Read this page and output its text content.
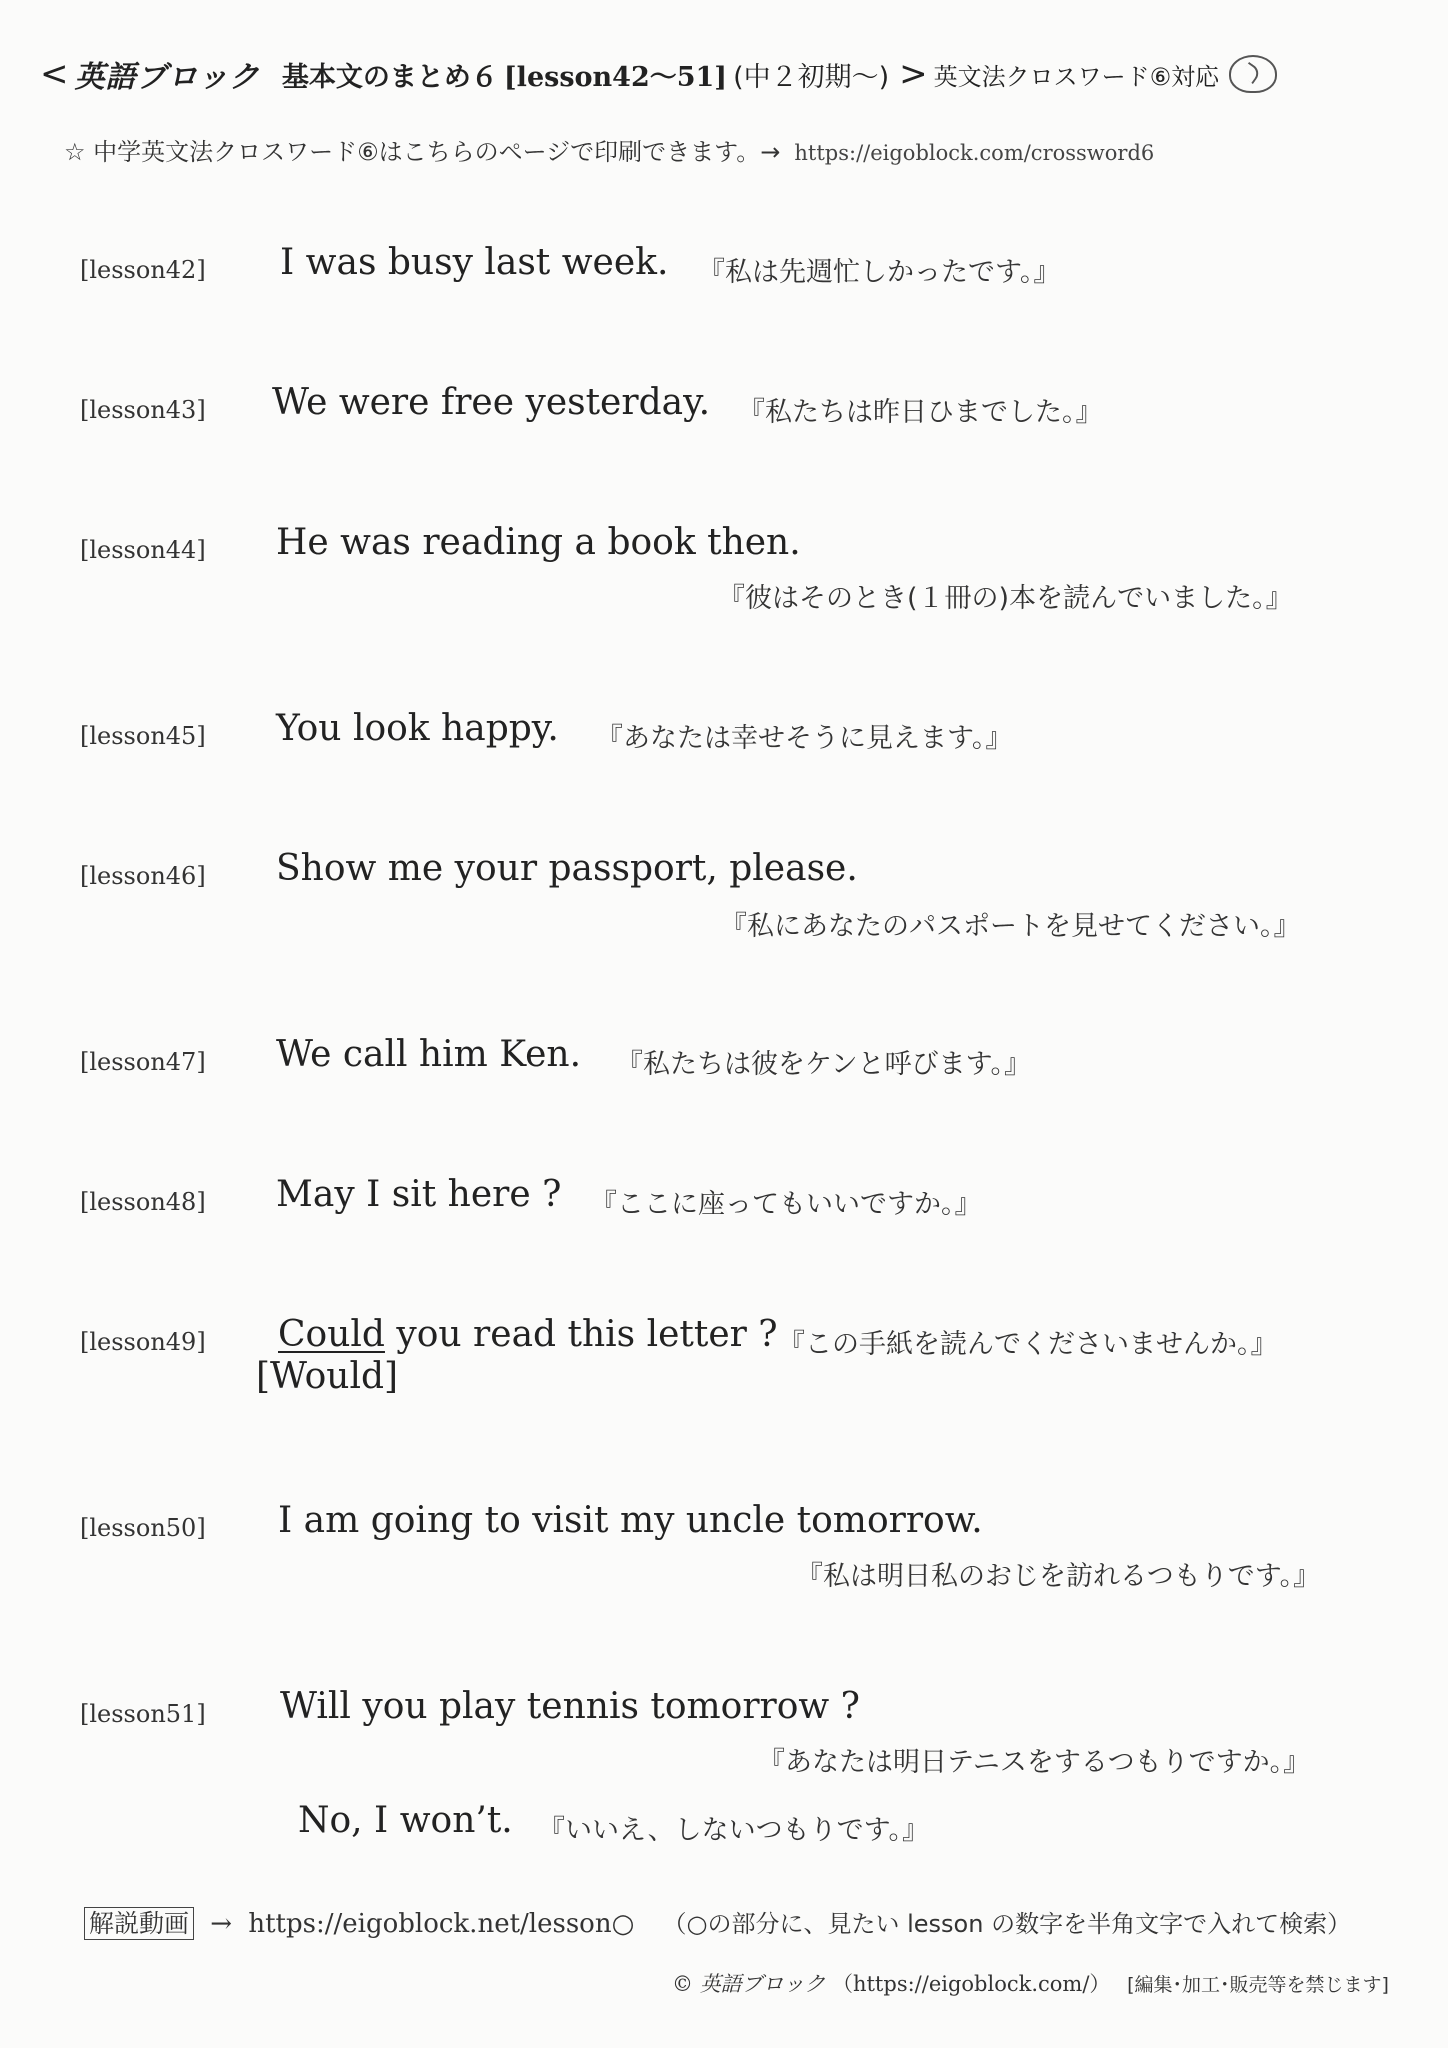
< 英語ブロック 基本文のまとめ６ [lesson42〜51] (中２初期〜) > 英文法クロスワード⑥対応
☆ 中学英文法クロスワード⑥はこちらのページで印刷できます。→ https://eigoblock.com/crossword6
[lesson42] I was busy last week. 『私は先週忙しかったです。』
[lesson43] We were free yesterday. 『私たちは昨日ひまでした。』
[lesson44] He was reading a book then.
『彼はそのとき(１冊の)本を読んでいました。』
[lesson45] You look happy. 『あなたは幸せそうに見えます。』
[lesson46] Show me your passport, please.
『私にあなたのパスポートを見せてください。』
[lesson47] We call him Ken. 『私たちは彼をケンと呼びます。』
[lesson48] May I sit here ? 『ここに座ってもいいですか。』
[lesson49] Could you read this letter ?
[Would]
『この手紙を読んでくださいませんか。』
[lesson50] I am going to visit my uncle tomorrow.
『私は明日私のおじを訪れるつもりです。』
[lesson51] Will you play tennis tomorrow ?
『あなたは明日テニスをするつもりですか。』
No, I won’t. 『いいえ、しないつもりです。』
解説動画 → https://eigoblock.net/lesson○ （○の部分に、見たい lesson の数字を半角文字で入れて検索）
© 英語ブロック （https://eigoblock.com/） [編集･加工･販売等を禁じます]
